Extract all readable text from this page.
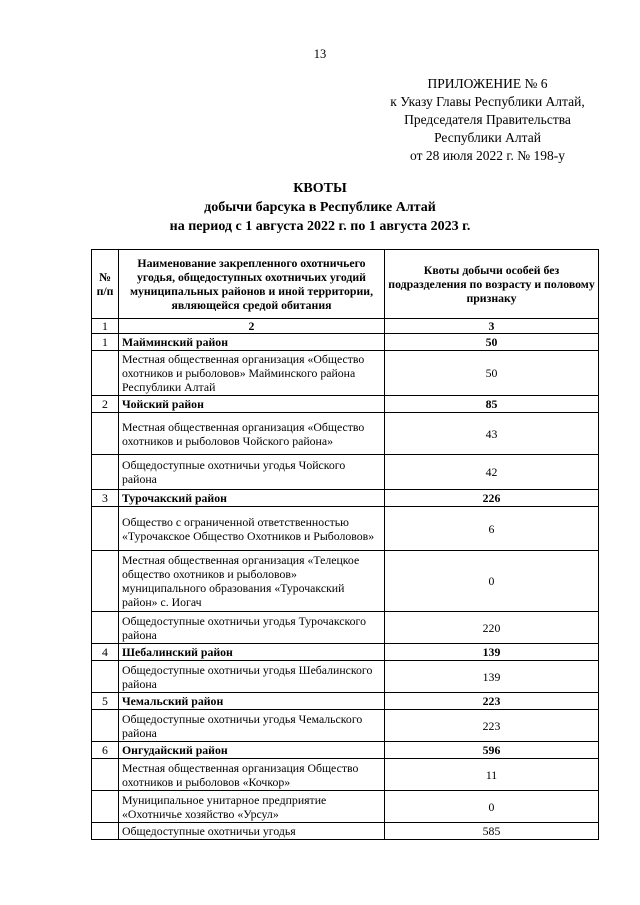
13
ПРИЛОЖЕНИЕ № 6
к Указу Главы Республики Алтай,
Председателя Правительства
Республики Алтай
от 28 июля 2022 г. № 198-у
КВОТЫ
добычи барсука в Республике Алтай
на период с 1 августа 2022 г. по 1 августа 2023 г.
№ п/п	Наименование закрепленного охотничьего угодья, общедоступных охотничьих угодий муниципальных районов и иной территории, являющейся средой обитания	Квоты добычи особей без подразделения по возрасту и половому признаку
1	2	3
1	Майминский район	50
	Местная общественная организация «Общество охотников и рыболовов» Майминского района Республики Алтай	50
2	Чойский район	85
	Местная общественная организация «Общество охотников и рыболовов Чойского района»	43
	Общедоступные охотничьи угодья Чойского района	42
3	Турочакский район	226
	Общество с ограниченной ответственностью «Турочакское Общество Охотников и Рыболовов»	6
	Местная общественная организация «Телецкое общество охотников и рыболовов» муниципального образования «Турочакский район» с. Иогач	0
	Общедоступные охотничьи угодья Турочакского района	220
4	Шебалинский район	139
	Общедоступные охотничьи угодья Шебалинского района	139
5	Чемальский район	223
	Общедоступные охотничьи угодья Чемальского района	223
6	Онгудайский район	596
	Местная общественная организация Общество охотников и рыболовов «Кочкор»	11
	Муниципальное унитарное предприятие «Охотничье хозяйство «Урсул»	0
	Общедоступные охотничьи угодья	585
